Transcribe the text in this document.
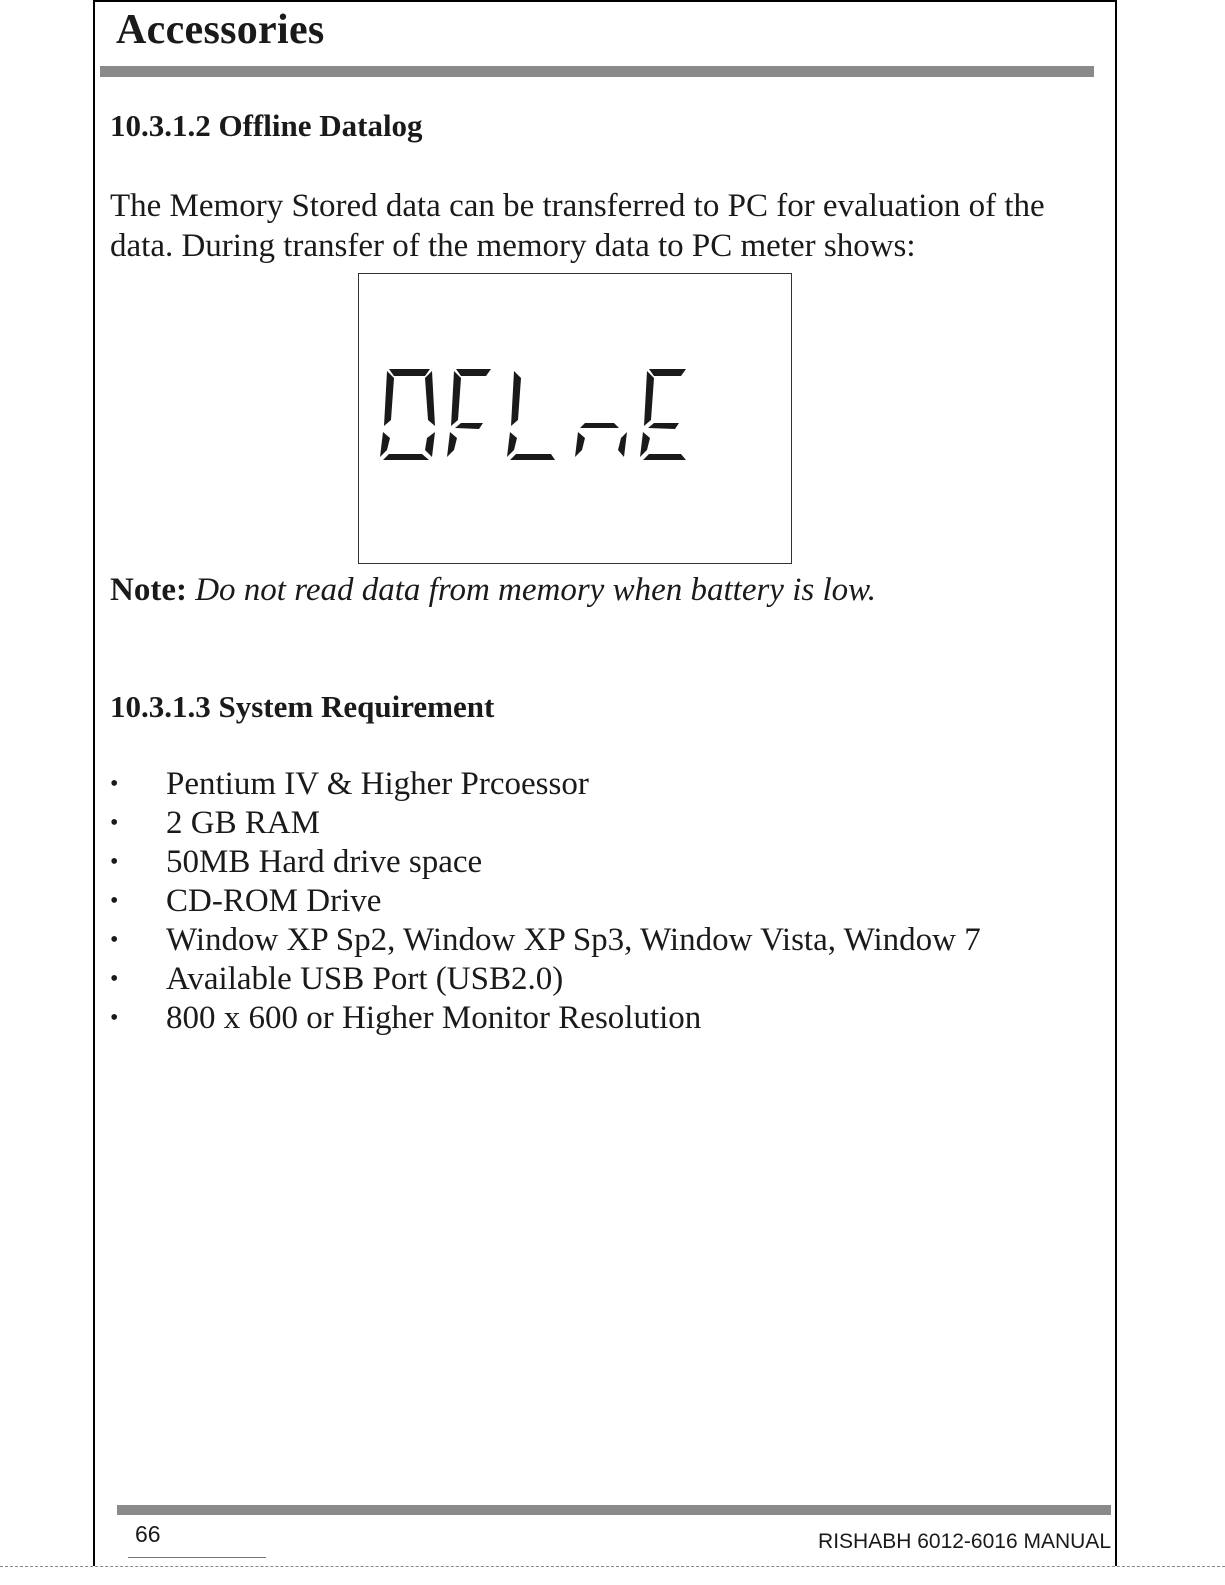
Accessories
10.3.1.2 Offline Datalog
The Memory Stored data can be transferred to PC for evaluation of the
data. During transfer of the memory data to PC meter shows:
Note: Do not read data from memory when battery is low.
10.3.1.3 System Requirement
• Pentium IV & Higher Prcoessor
• 2 GB RAM
• 50MB Hard drive space
• CD-ROM Drive
• Window XP Sp2, Window XP Sp3, Window Vista, Window 7
• Available USB Port (USB2.0)
• 800 x 600 or Higher Monitor Resolution
66	RISHABH 6012-6016 MANUAL
